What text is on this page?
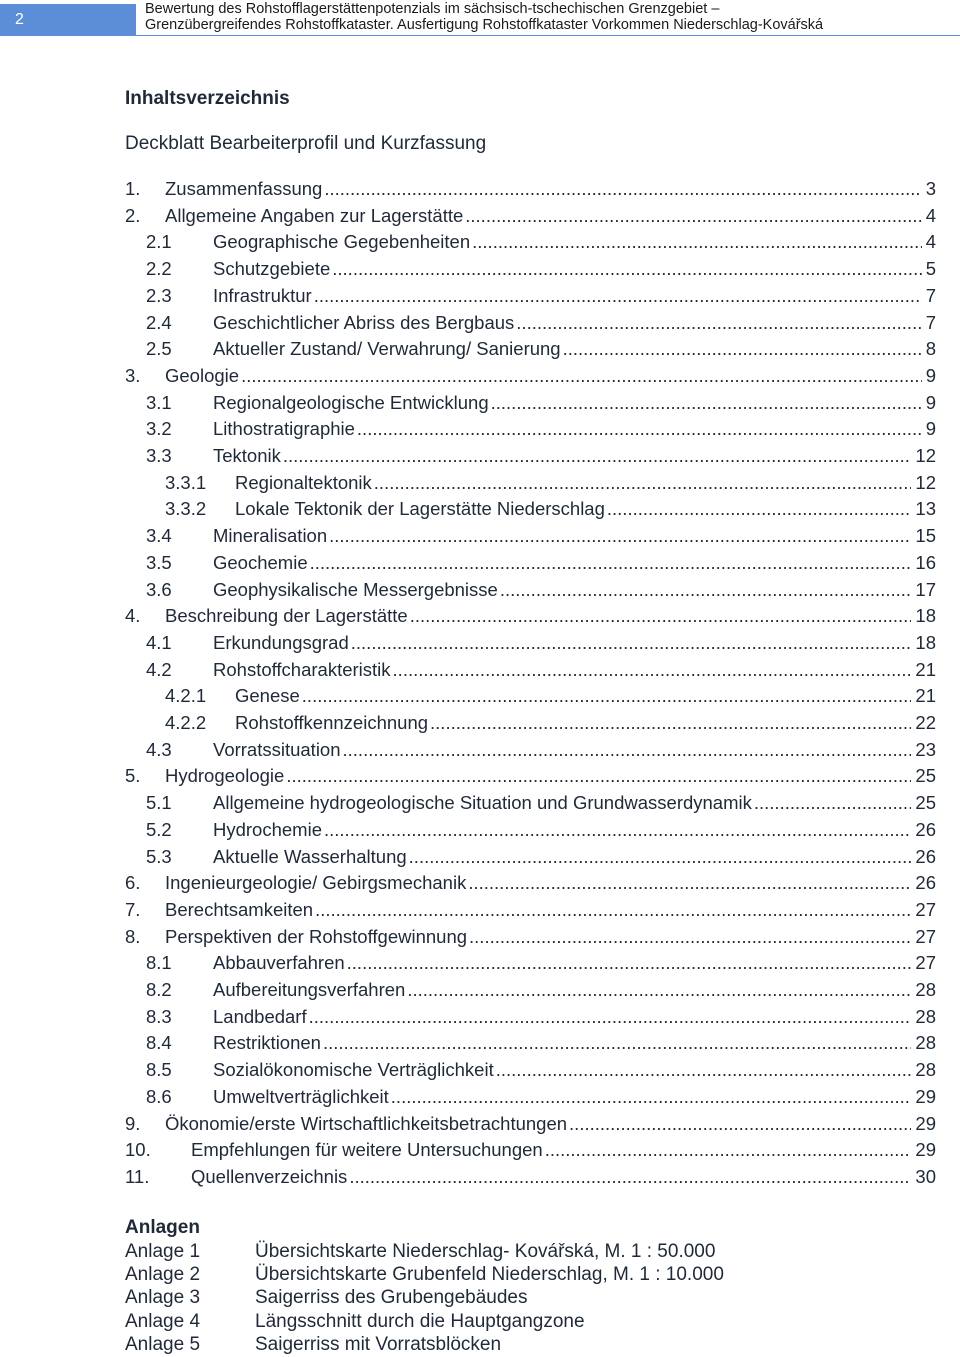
2
Bewertung des Rohstofflagerstättenpotenzials im sächsisch-tschechischen Grenzgebiet –
Grenzübergreifendes Rohstoffkataster. Ausfertigung Rohstoffkataster Vorkommen Niederschlag-Kovářská
Inhaltsverzeichnis
Deckblatt Bearbeiterprofil und Kurzfassung
1.	Zusammenfassung .....	3
2.	Allgemeine Angaben zur Lagerstätte .....	4
2.1	Geographische Gegebenheiten .....	4
2.2	Schutzgebiete .....	5
2.3	Infrastruktur .....	7
2.4	Geschichtlicher Abriss des Bergbaus .....	7
2.5	Aktueller Zustand/ Verwahrung/ Sanierung .....	8
3.	Geologie .....	9
3.1	Regionalgeologische Entwicklung .....	9
3.2	Lithostratigraphie .....	9
3.3	Tektonik .....	12
3.3.1	Regionaltektonik .....	12
3.3.2	Lokale Tektonik der Lagerstätte Niederschlag .....	13
3.4	Mineralisation .....	15
3.5	Geochemie .....	16
3.6	Geophysikalische Messergebnisse .....	17
4.	Beschreibung der Lagerstätte .....	18
4.1	Erkundungsgrad .....	18
4.2	Rohstoffcharakteristik .....	21
4.2.1	Genese .....	21
4.2.2	Rohstoffkennzeichnung .....	22
4.3	Vorratssituation .....	23
5.	Hydrogeologie .....	25
5.1	Allgemeine hydrogeologische Situation und Grundwasserdynamik .....	25
5.2	Hydrochemie .....	26
5.3	Aktuelle Wasserhaltung .....	26
6.	Ingenieurgeologie/ Gebirgsmechanik .....	26
7.	Berechtsamkeiten .....	27
8.	Perspektiven der Rohstoffgewinnung .....	27
8.1	Abbauverfahren .....	27
8.2	Aufbereitungsverfahren .....	28
8.3	Landbedarf .....	28
8.4	Restriktionen .....	28
8.5	Sozialökonomische Verträglichkeit .....	28
8.6	Umweltverträglichkeit .....	29
9.	Ökonomie/erste Wirtschaftlichkeitsbetrachtungen .....	29
10.	Empfehlungen für weitere Untersuchungen .....	29
11.	Quellenverzeichnis .....	30
Anlagen
Anlage 1	Übersichtskarte Niederschlag- Kovářská, M. 1 : 50.000
Anlage 2	Übersichtskarte Grubenfeld Niederschlag, M. 1 : 10.000
Anlage 3	Saigerriss des Grubengebäudes
Anlage 4	Längsschnitt durch die Hauptgangzone
Anlage 5	Saigerriss mit Vorratsblöcken
